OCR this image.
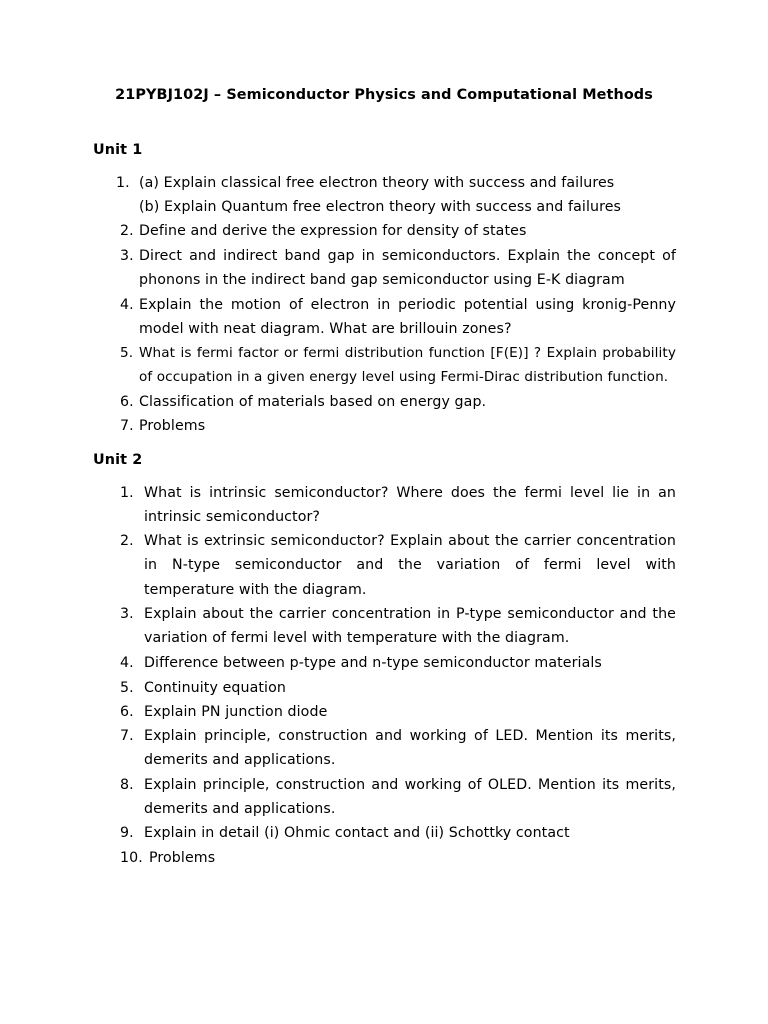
21PYBJ102J – Semiconductor Physics and Computational Methods
Unit 1
1. (a) Explain classical free electron theory with success and failures
(b) Explain Quantum free electron theory with success and failures
2. Define and derive the expression for density of states
3. Direct and indirect band gap in semiconductors. Explain the concept of phonons in the indirect band gap semiconductor using E-K diagram
4. Explain the motion of electron in periodic potential using kronig-Penny model with neat diagram. What are brillouin zones?
5. What is fermi factor or fermi distribution function [F(E)] ? Explain probability of occupation in a given energy level using Fermi-Dirac distribution function.
6. Classification of materials based on energy gap.
7. Problems
Unit 2
1. What is intrinsic semiconductor? Where does the fermi level lie in an intrinsic semiconductor?
2. What is extrinsic semiconductor? Explain about the carrier concentration in N-type semiconductor and the variation of fermi level with temperature with the diagram.
3. Explain about the carrier concentration in P-type semiconductor and the variation of fermi level with temperature with the diagram.
4. Difference between p-type and n-type semiconductor materials
5. Continuity equation
6. Explain PN junction diode
7. Explain principle, construction and working of LED. Mention its merits, demerits and applications.
8. Explain principle, construction and working of OLED. Mention its merits, demerits and applications.
9. Explain in detail (i) Ohmic contact and (ii) Schottky contact
10. Problems
